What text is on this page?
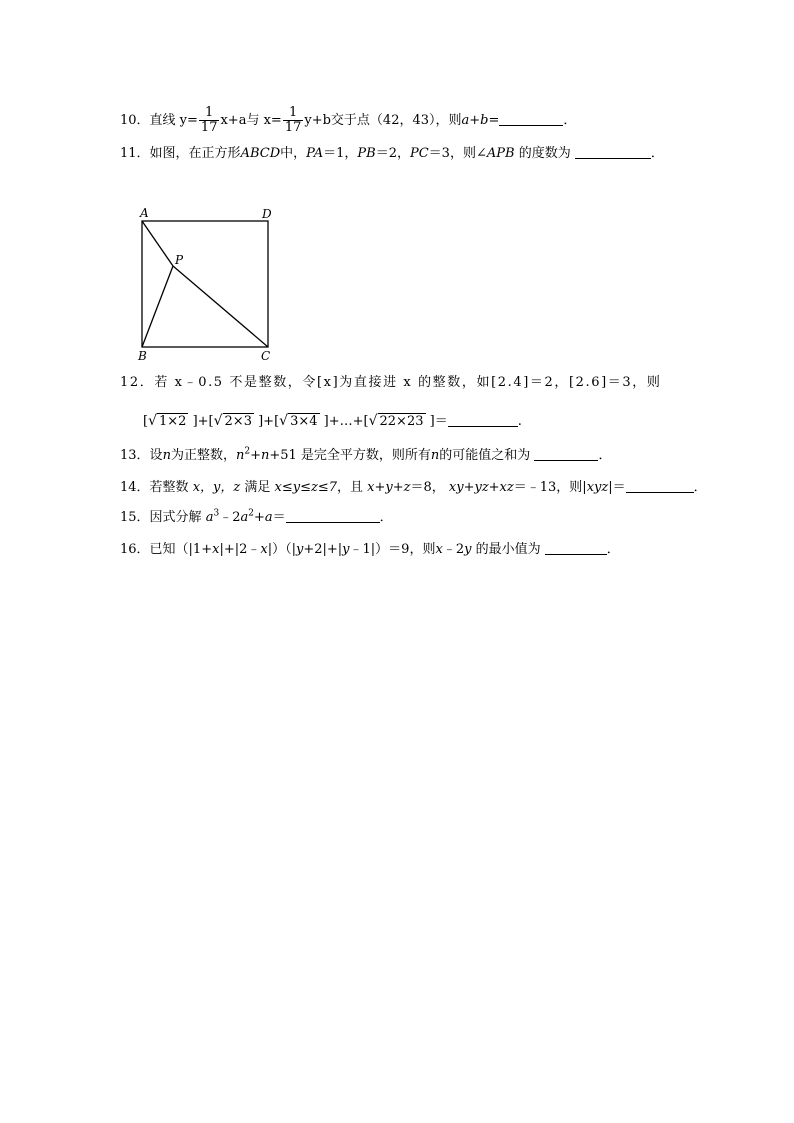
10．直线 $y= \frac{1}{17} x+a$与 $x= \frac{1}{17} y+b$交于点（42，43），则a+b=	．
11．如图，在正方形ABCD中，PA＝1，PB＝2，PC＝3，则∠APB 的度数为	．
A	D
P
B	C
12．若 x﹣0.5 不是整数，令[x]为直接进 x 的整数，如[2.4]＝2，[2.6]＝3，则
[√ 1×2 ]+[√ 2×3 ]+[√ 3×4 ]+…+[√ 22×23 ]＝	.
13．设n为正整数，$n^2+n+51$ 是完全平方数，则所有n的可能值之和为	．
14．若整数 x，y，z 满足 x≤y≤z≤7，且 x+y+z＝8， xy+yz+xz＝﹣13，则|xyz|＝	．
15．因式分解 $a^3﹣2a^2+a=$	．
16．已知（|1+x|+|2﹣x|）（|y+2|+|y﹣1|）＝9，则x﹣2y 的最小值为	．
